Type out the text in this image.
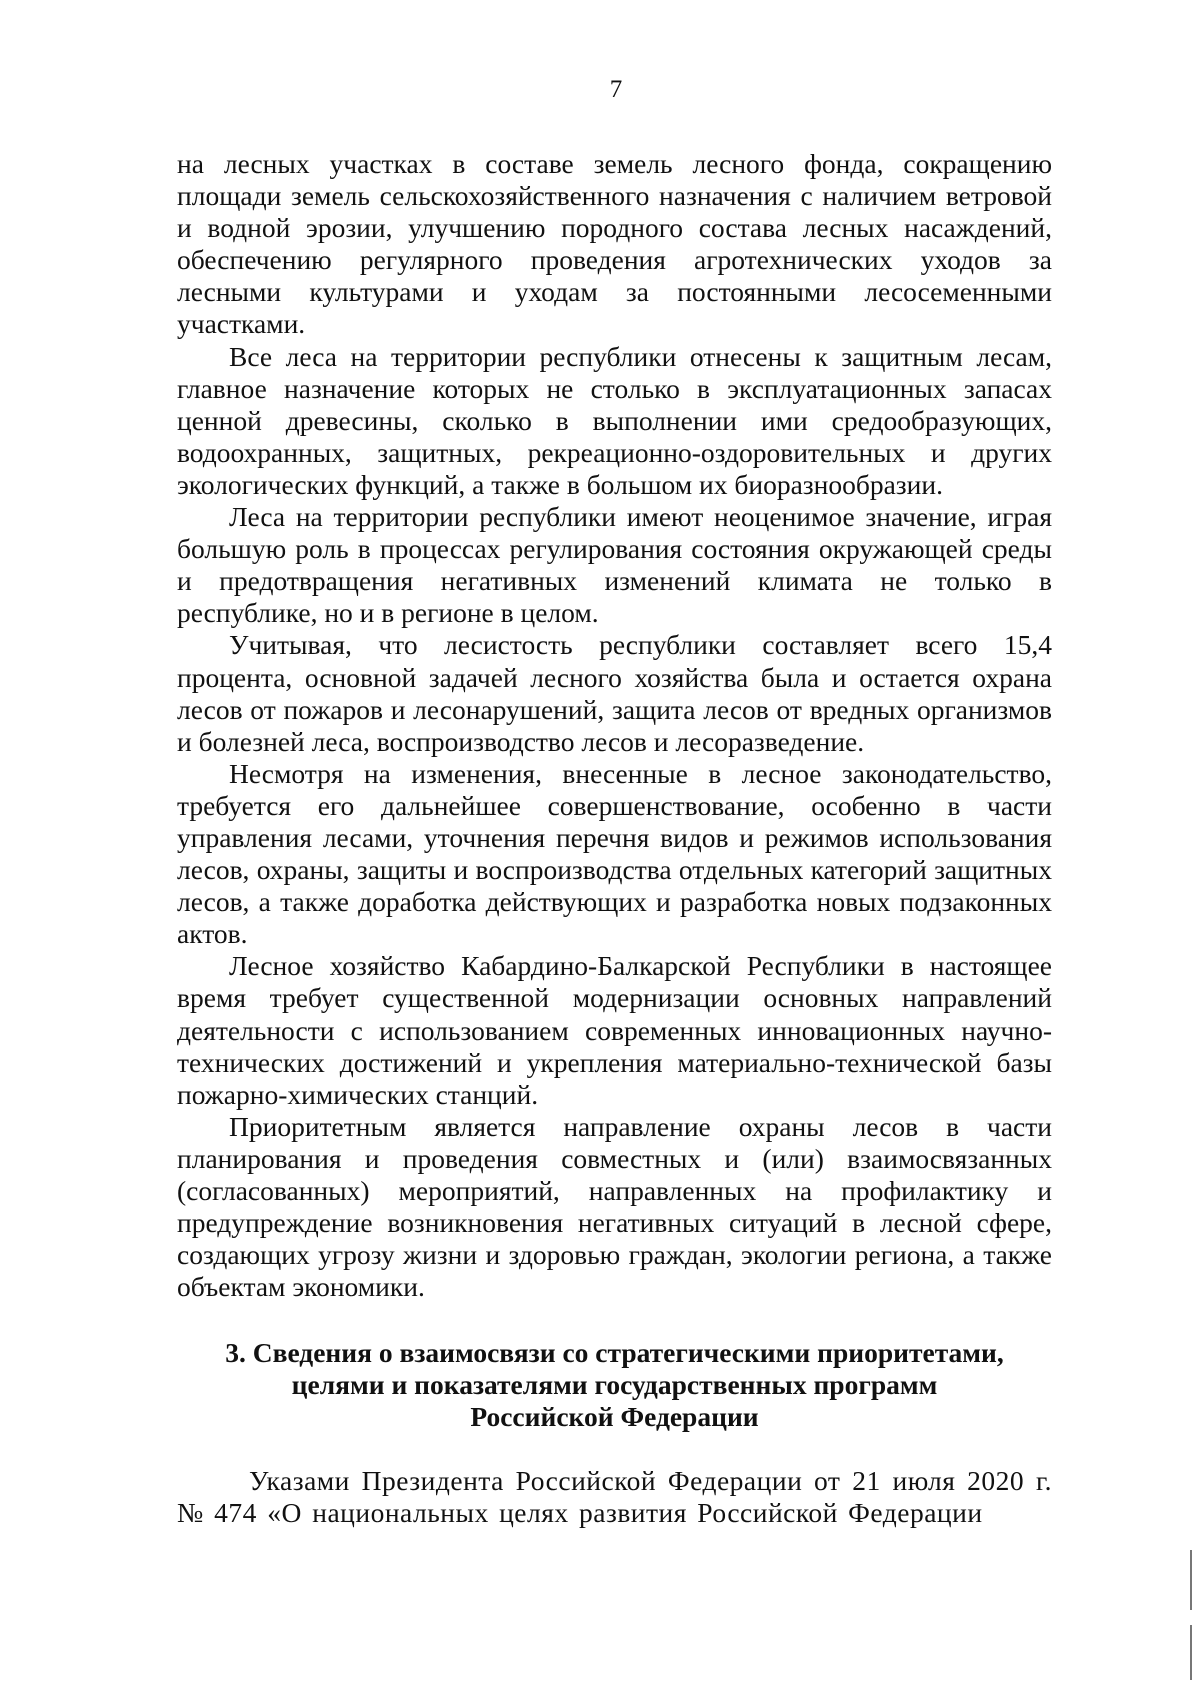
7

на лесных участках в составе земель лесного фонда, сокращению площади земель сельскохозяйственного назначения с наличием ветровой и водной эрозии, улучшению породного состава лесных насаждений, обеспечению регулярного проведения агротехнических уходов за лесными культурами и уходам за постоянными лесосеменными участками.

Все леса на территории республики отнесены к защитным лесам, главное назначение которых не столько в эксплуатационных запасах ценной древесины, сколько в выполнении ими средообразующих, водоохранных, защитных, рекреационно-оздоровительных и других экологических функций, а также в большом их биоразнообразии.

Леса на территории республики имеют неоценимое значение, играя большую роль в процессах регулирования состояния окружающей среды и предотвращения негативных изменений климата не только в республике, но и в регионе в целом.

Учитывая, что лесистость республики составляет всего 15,4 процента, основной задачей лесного хозяйства была и остается охрана лесов от пожаров и лесонарушений, защита лесов от вредных организмов и болезней леса, воспроизводство лесов и лесоразведение.

Несмотря на изменения, внесенные в лесное законодательство, требуется его дальнейшее совершенствование, особенно в части управления лесами, уточнения перечня видов и режимов использования лесов, охраны, защиты и воспроизводства отдельных категорий защитных лесов, а также доработка действующих и разработка новых подзаконных актов.

Лесное хозяйство Кабардино-Балкарской Республики в настоящее время требует существенной модернизации основных направлений деятельности с использованием современных инновационных научно-технических достижений и укрепления материально-технической базы пожарно-химических станций.

Приоритетным является направление охраны лесов в части планирования и проведения совместных и (или) взаимосвязанных (согласованных) мероприятий, направленных на профилактику и предупреждение возникновения негативных ситуаций в лесной сфере, создающих угрозу жизни и здоровью граждан, экологии региона, а также объектам экономики.

3. Сведения о взаимосвязи со стратегическими приоритетами,
целями и показателями государственных программ
Российской Федерации

Указами Президента Российской Федерации от 21 июля 2020 г. № 474 «О национальных целях развития Российской Федерации
